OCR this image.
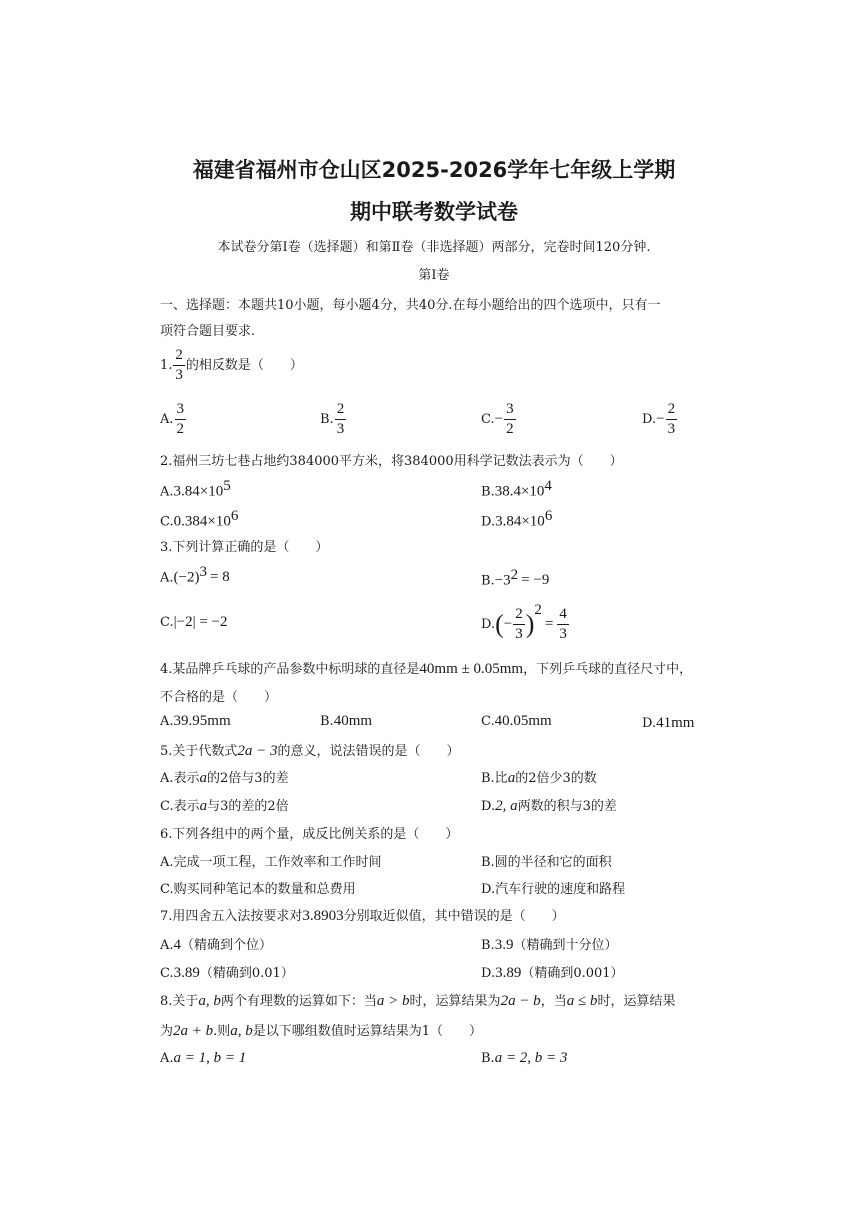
福建省福州市仓山区2025-2026学年七年级上学期
期中联考数学试卷
本试卷分第Ⅰ卷（选择题）和第Ⅱ卷（非选择题）两部分，完卷时间120分钟.
第Ⅰ卷
一、选择题：本题共10小题，每小题4分，共40分.在每小题给出的四个选项中，只有一
项符合题目要求.
1. $\frac{2}{3}$ 的相反数是（　　）
A. $\frac{3}{2}$	B. $\frac{2}{3}$	$C.- \frac{3}{2}$	$D.- \frac{2}{3}$
2.福州三坊七巷占地约384000平方米，将384000用科学记数法表示为（　　）
$A.3.84\times 10^5$	$B.38.4\times 10^4$
$C.0.384\times 10^6$	$D.3.84\times 10^6$
3.下列计算正确的是（　　）
$A.(-2)^3 = 8$	$B.-3^2 = -9$
C.|−2| = −2	$D.(- \frac{2}{3} )^2= \frac{4}{3}$
4.某品牌乒乓球的产品参数中标明球的直径是40mm ± 0.05mm，下列乒乓球的直径尺寸中，
不合格的是（　　）
A.39.95mm	B.40mm	C.40.05mm	D.41mm
5.关于代数式2a − 3的意义，说法错误的是（　　）
A.表示a的2倍与3的差	B.比a的2倍少3的数
C.表示a与3的差的2倍	D.2, a两数的积与3的差
6.下列各组中的两个量，成反比例关系的是（　　）
A.完成一项工程，工作效率和工作时间	B.圆的半径和它的面积
C.购买同种笔记本的数量和总费用	D.汽车行驶的速度和路程
7.用四舍五入法按要求对3.8903分别取近似值，其中错误的是（　　）
A.4（精确到个位）	B.3.9（精确到十分位）
C.3.89（精确到0.01）	D.3.89（精确到0.001）
8.关于a, b两个有理数的运算如下：当a > b时，运算结果为2a − b，当a ≤ b时，运算结果
为2a + b.则a, b是以下哪组数值时运算结果为1（　　）
A.a = 1, b = 1	B.a = 2, b = 3
